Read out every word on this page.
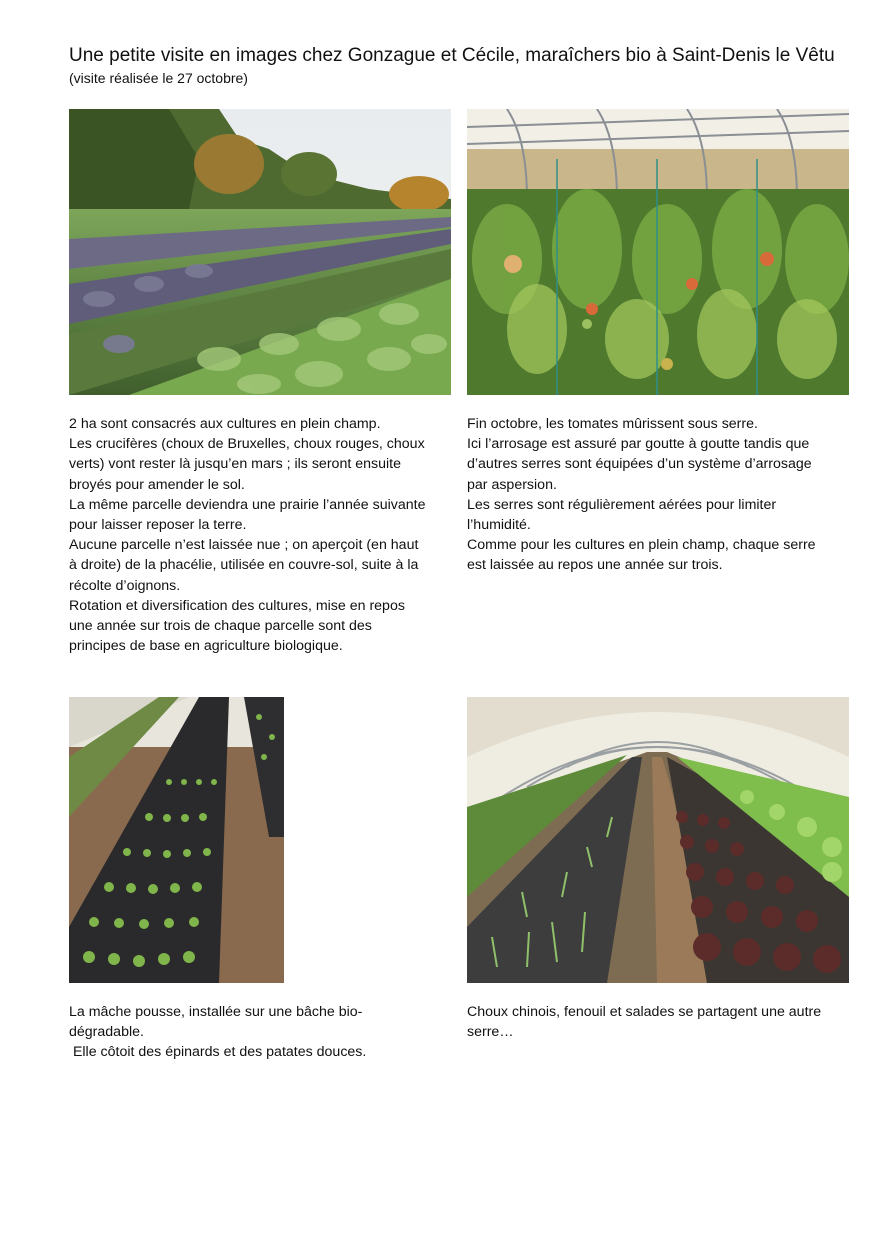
Une petite visite en images chez Gonzague et Cécile, maraîchers bio à Saint-Denis le Vêtu
(visite réalisée le 27 octobre)

2 ha sont consacrés aux cultures en plein champ.

Les crucifères (choux de Bruxelles, choux rouges, choux

verts) vont rester là jusqu’en mars ; ils seront ensuite

broyés pour amender le sol.

La même parcelle deviendra une prairie l’année suivante

pour laisser reposer la terre.

Aucune parcelle n’est laissée nue ; on aperçoit (en haut

à droite) de la phacélie, utilisée en couvre-sol, suite à la

récolte d’oignons.

Rotation et diversification des cultures, mise en repos

une année sur trois de chaque parcelle sont des

principes de base en agriculture biologique.

Fin octobre, les tomates mûrissent sous serre.

Ici l’arrosage est assuré par goutte à goutte tandis que

d’autres serres sont équipées d’un système d’arrosage

par aspersion.

Les serres sont régulièrement aérées pour limiter

l’humidité.

Comme pour les cultures en plein champ, chaque serre

est laissée au repos une année sur trois.

La mâche pousse, installée sur une bâche bio-

dégradable.

Elle côtoit des épinards et des patates douces.

Choux chinois, fenouil et salades se partagent une autre

serre…
